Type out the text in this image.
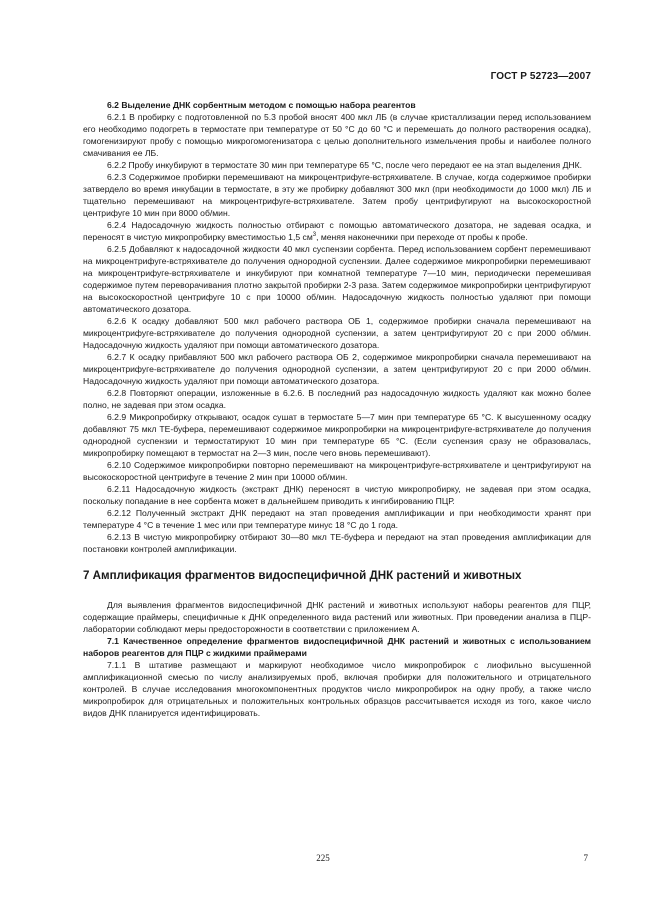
ГОСТ Р 52723—2007

6.2 Выделение ДНК сорбентным методом с помощью набора реагентов

6.2.1 В пробирку с подготовленной по 5.3 пробой вносят 400 мкл ЛБ (в случае кристаллизации перед использованием его необходимо подогреть в термостате при температуре от 50 °С до 60 °С и перемешать до полного растворения осадка), гомогенизируют пробу с помощью микрогомогенизатора с целью дополнительного измельчения пробы и наиболее полного смачивания ее ЛБ.

6.2.2 Пробу инкубируют в термостате 30 мин при температуре 65 °С, после чего передают ее на этап выделения ДНК.

6.2.3 Содержимое пробирки перемешивают на микроцентрифуге-встряхивателе. В случае, когда содержимое пробирки затвердело во время инкубации в термостате, в эту же пробирку добавляют 300 мкл (при необходимости до 1000 мкл) ЛБ и тщательно перемешивают на микроцентрифуге-встряхивателе. Затем пробу центрифугируют на высокоскоростной центрифуге 10 мин при 8000 об/мин.

6.2.4 Надосадочную жидкость полностью отбирают с помощью автоматического дозатора, не задевая осадка, и переносят в чистую микропробирку вместимостью 1,5 $см^3$, меняя наконечники при переходе от пробы к пробе.

6.2.5 Добавляют к надосадочной жидкости 40 мкл суспензии сорбента. Перед использованием сорбент перемешивают на микроцентрифуге-встряхивателе до получения однородной суспензии. Далее содержимое микропробирки перемешивают на микроцентрифуге-встряхивателе и инкубируют при комнатной температуре 7—10 мин, периодически перемешивая содержимое путем переворачивания плотно закрытой пробирки 2-3 раза. Затем содержимое микропробирки центрифугируют на высокоскоростной центрифуге 10 с при 10000 об/мин. Надосадочную жидкость полностью удаляют при помощи автоматического дозатора.

6.2.6 К осадку добавляют 500 мкл рабочего раствора ОБ 1, содержимое пробирки сначала перемешивают на микроцентрифуге-встряхивателе до получения однородной суспензии, а затем центрифугируют 20 с при 2000 об/мин. Надосадочную жидкость удаляют при помощи автоматического дозатора.

6.2.7 К осадку прибавляют 500 мкл рабочего раствора ОБ 2, содержимое микропробирки сначала перемешивают на микроцентрифуге-встряхивателе до получения однородной суспензии, а затем центрифугируют 20 с при 2000 об/мин. Надосадочную жидкость удаляют при помощи автоматического дозатора.

6.2.8 Повторяют операции, изложенные в 6.2.6. В последний раз надосадочную жидкость удаляют как можно более полно, не задевая при этом осадка.

6.2.9 Микропробирку открывают, осадок сушат в термостате 5—7 мин при температуре 65 °С. К высушенному осадку добавляют 75 мкл ТЕ-буфера, перемешивают содержимое микропробирки на микроцентрифуге-встряхивателе до получения однородной суспензии и термостатируют 10 мин при температуре 65 °С. (Если суспензия сразу не образовалась, микропробирку помещают в термостат на 2—3 мин, после чего вновь перемешивают).

6.2.10 Содержимое микропробирки повторно перемешивают на микроцентрифуге-встряхивателе и центрифугируют на высокоскоростной центрифуге в течение 2 мин при 10000 об/мин.

6.2.11 Надосадочную жидкость (экстракт ДНК) переносят в чистую микропробирку, не задевая при этом осадка, поскольку попадание в нее сорбента может в дальнейшем приводить к ингибированию ПЦР.

6.2.12 Полученный экстракт ДНК передают на этап проведения амплификации и при необходимости хранят при температуре 4 °С в течение 1 мес или при температуре минус 18 °С до 1 года.

6.2.13 В чистую микропробирку отбирают 30—80 мкл ТЕ-буфера и передают на этап проведения амплификации для постановки контролей амплификации.

7 Амплификация фрагментов видоспецифичной ДНК растений и животных

Для выявления фрагментов видоспецифичной ДНК растений и животных используют наборы реагентов для ПЦР, содержащие праймеры, специфичные к ДНК определенного вида растений или животных. При проведении анализа в ПЦР-лаборатории соблюдают меры предосторожности в соответствии с приложением А.

7.1 Качественное определение фрагментов видоспецифичной ДНК растений и животных с использованием наборов реагентов для ПЦР с жидкими праймерами

7.1.1 В штативе размещают и маркируют необходимое число микропробирок с лиофильно высушенной амплификационной смесью по числу анализируемых проб, включая пробирки для положительного и отрицательного контролей. В случае исследования многокомпонентных продуктов число микропробирок на одну пробу, а также число микропробирок для отрицательных и положительных контрольных образцов рассчитывается исходя из того, какое число видов ДНК планируется идентифицировать.

225	7
